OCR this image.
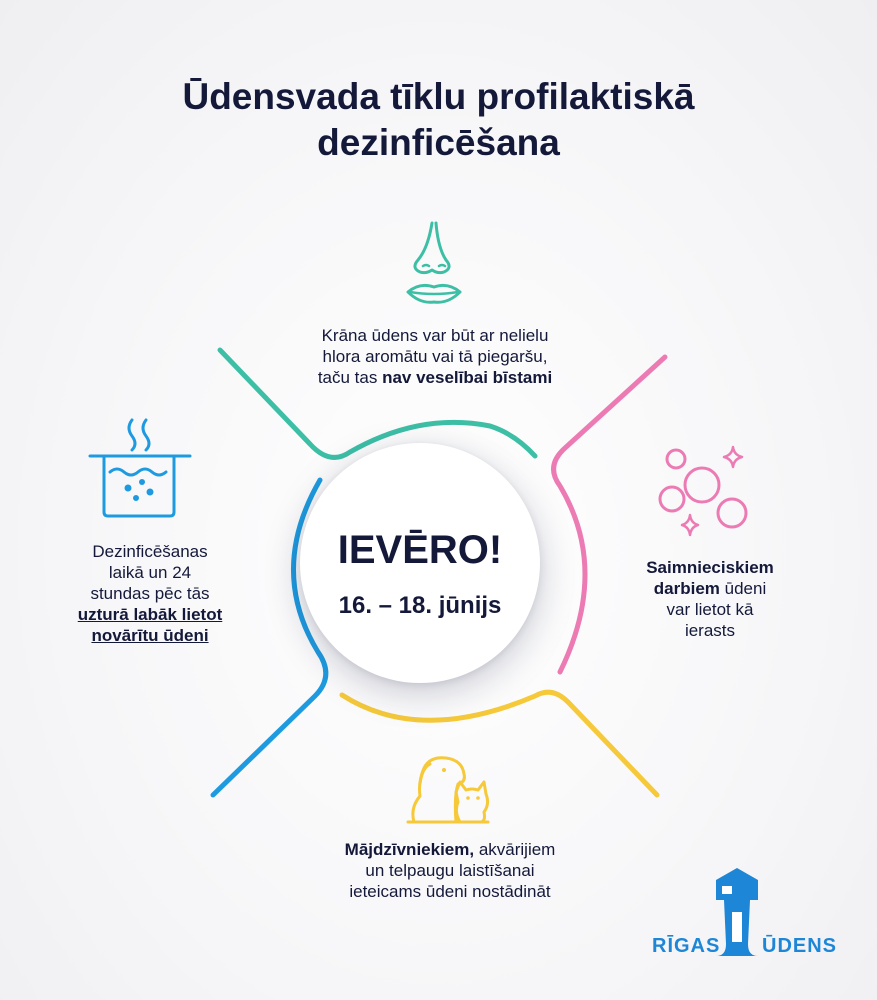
Ūdensvada tīklu profilaktiskā
dezinficēšana
IEVĒRO!
16. – 18. jūnijs
Krāna ūdens var būt ar nelielu
hlora aromātu vai tā piegaršu,
taču tas nav veselībai bīstami
Dezinficēšanas
laikā un 24
stundas pēc tās
uzturā labāk lietot
novārītu ūdeni
Saimnieciskiem
darbiem ūdeni
var lietot kā
ierasts
Mājdzīvniekiem, akvārijiem
un telpaugu laistīšanai
ieteicams ūdeni nostādināt
RĪGAS ŪDENS
